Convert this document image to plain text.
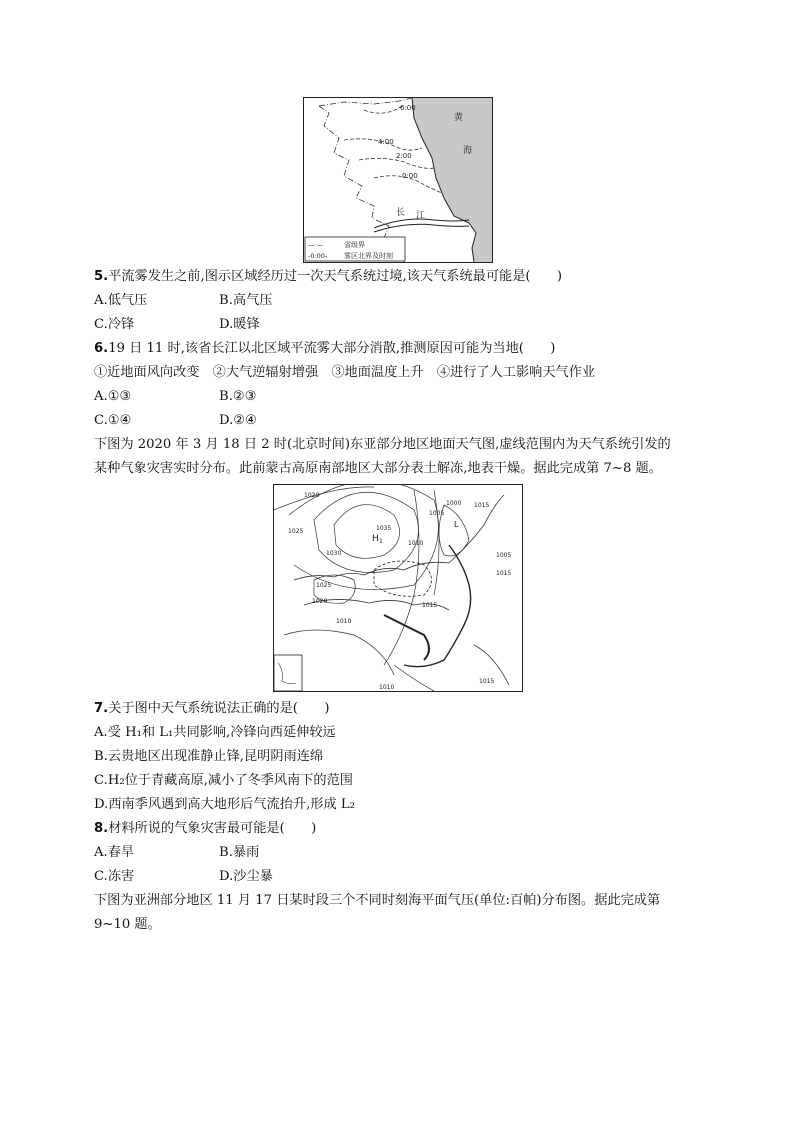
6:00
4:00
2:00
0:00
黄
海
长 江
—·—	省级界
-0:00- 雾区北界及时刻
5.平流雾发生之前,图示区域经历过一次天气系统过境,该天气系统最可能是(　　)
A.低气压	B.高气压
C.冷锋	D.暖锋
6.19 日 11 时,该省长江以北区域平流雾大部分消散,推测原因可能为当地(　　)
①近地面风向改变　②大气逆辐射增强　③地面温度上升　④进行了人工影响天气作业
A.①③	B.②③
C.①④	D.②④
下图为 2020 年 3 月 18 日 2 时(北京时间)东亚部分地区地面天气图,虚线范围内为天气系统引发的
某种气象灾害实时分布。此前蒙古高原南部地区大部分表土解冻,地表干燥。据此完成第 7~8 题。
1020
1025
1030
1035
1010
1005
1000 1015
1025
1020
1010
1015
1005
1015
1010
1015
H 1
L
7.关于图中天气系统说法正确的是(　　)
A.受 H₁和 L₁共同影响,冷锋向西延伸较远
B.云贵地区出现准静止锋,昆明阴雨连绵
C.H₂位于青藏高原,减小了冬季风南下的范围
D.西南季风遇到高大地形后气流抬升,形成 L₂
8.材料所说的气象灾害最可能是(　　)
A.春旱	B.暴雨
C.冻害	D.沙尘暴
下图为亚洲部分地区 11 月 17 日某时段三个不同时刻海平面气压(单位:百帕)分布图。据此完成第
9~10 题。
